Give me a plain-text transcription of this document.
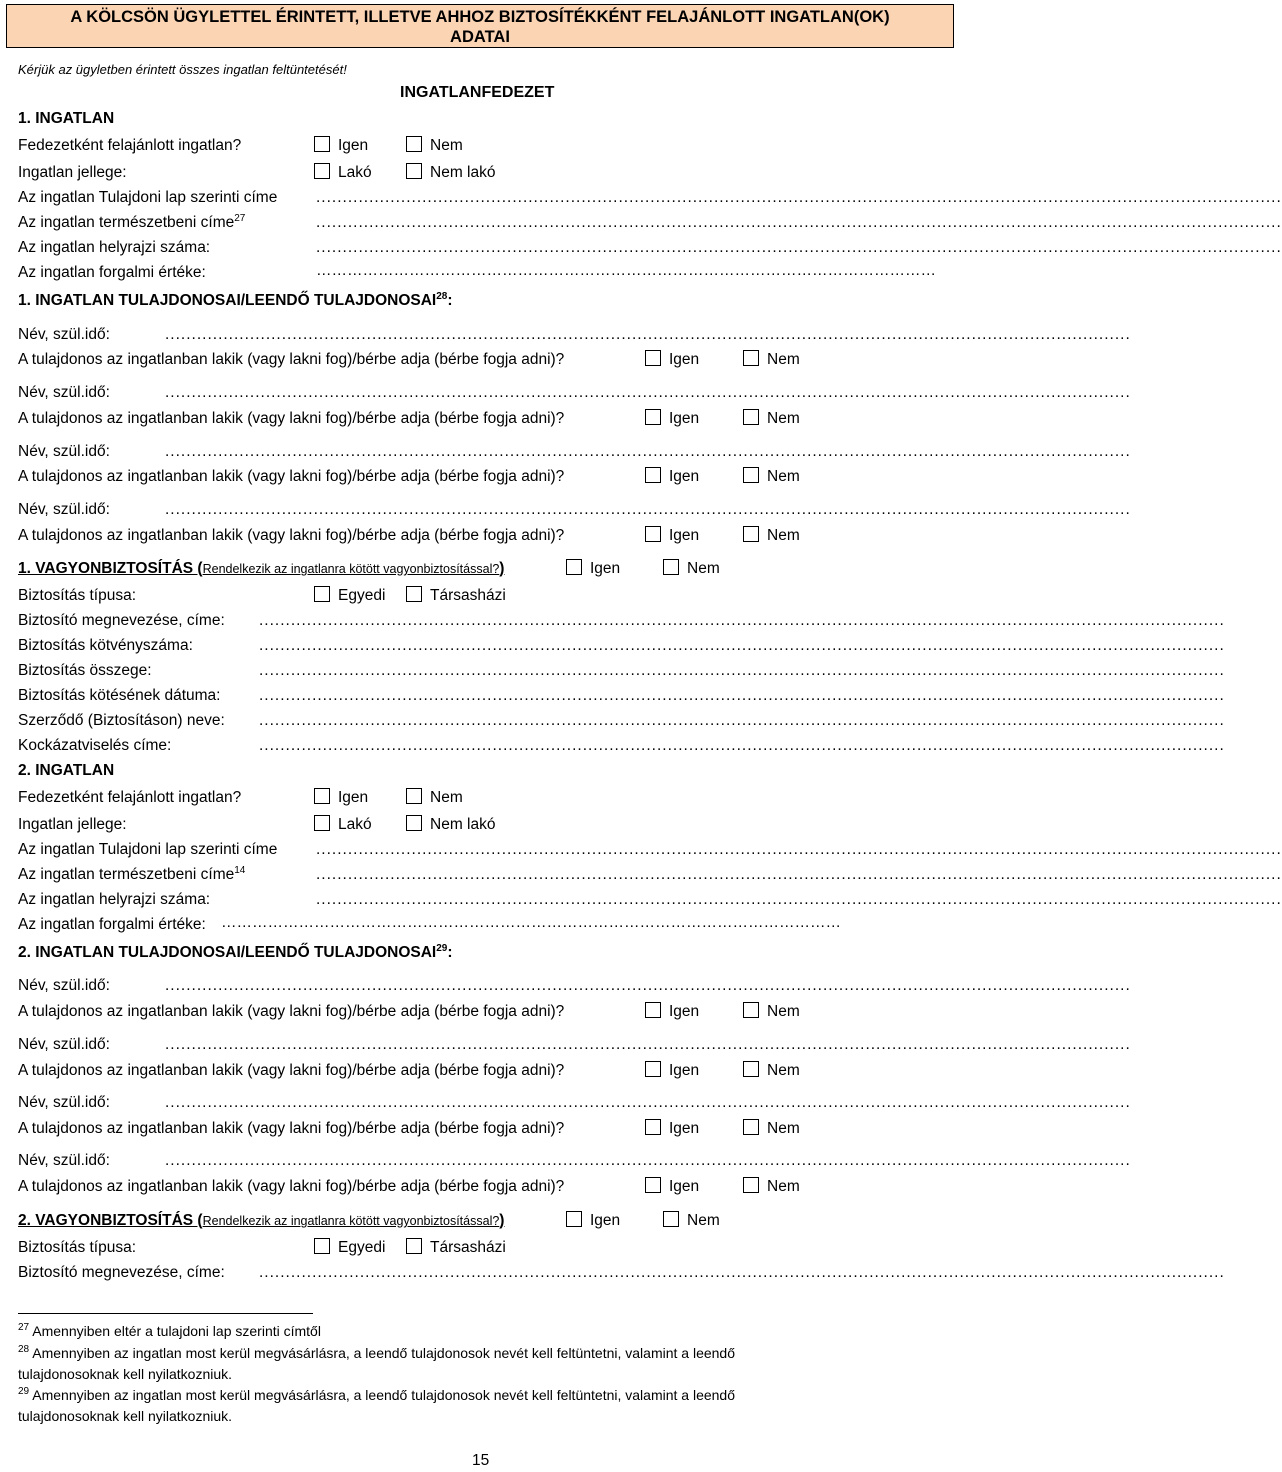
A KÖLCSÖN ÜGYLETTEL ÉRINTETT, ILLETVE AHHOZ BIZTOSÍTÉKKÉNT FELAJÁNLOTT INGATLAN(OK)
ADATAI
Kérjük az ügyletben érintett összes ingatlan feltüntetését!
INGATLANFEDEZET
1. INGATLAN
Fedezetként felajánlott ingatlan?	Igen	Nem
Ingatlan jellege:	Lakó	Nem lakó
Az ingatlan Tulajdoni lap szerinti címe ......................................................................................................................................................................................
Az ingatlan természetbeni címe$^{27}$	......................................................................................................................................................................................
Az ingatlan helyrajzi száma:	......................................................................................................................................................................................
Az ingatlan forgalmi értéke:	…………………………………………………………………………………………………………
1. INGATLAN TULAJDONOSAI/LEENDŐ TULAJDONOSAI$^{28}$:
Név, szül.idő:	......................................................................................................................................................................................
A tulajdonos az ingatlanban lakik (vagy lakni fog)/bérbe adja (bérbe fogja adni)?	Igen	Nem
Név, szül.idő:	......................................................................................................................................................................................
A tulajdonos az ingatlanban lakik (vagy lakni fog)/bérbe adja (bérbe fogja adni)?	Igen	Nem
Név, szül.idő:	......................................................................................................................................................................................
A tulajdonos az ingatlanban lakik (vagy lakni fog)/bérbe adja (bérbe fogja adni)?	Igen	Nem
Név, szül.idő:	......................................................................................................................................................................................
A tulajdonos az ingatlanban lakik (vagy lakni fog)/bérbe adja (bérbe fogja adni)?	Igen	Nem
1. VAGYONBIZTOSÍTÁS (Rendelkezik az ingatlanra kötött vagyonbiztosítással?)	Igen	Nem
Biztosítás típusa:	Egyedi	Társasházi
Biztosító megnevezése, címe: ......................................................................................................................................................................................
Biztosítás kötvényszáma:	......................................................................................................................................................................................
Biztosítás összege:	......................................................................................................................................................................................
Biztosítás kötésének dátuma: ......................................................................................................................................................................................
Szerződő (Biztosításon) neve: ......................................................................................................................................................................................
Kockázatviselés címe:	......................................................................................................................................................................................
2. INGATLAN
Fedezetként felajánlott ingatlan?	Igen	Nem
Ingatlan jellege:	Lakó	Nem lakó
Az ingatlan Tulajdoni lap szerinti címe ......................................................................................................................................................................................
Az ingatlan természetbeni címe$^{14}$	......................................................................................................................................................................................
Az ingatlan helyrajzi száma:	......................................................................................................................................................................................
Az ingatlan forgalmi értéke: …………………………………………………………………………………………………………
2. INGATLAN TULAJDONOSAI/LEENDŐ TULAJDONOSAI$^{29}$:
Név, szül.idő:	......................................................................................................................................................................................
A tulajdonos az ingatlanban lakik (vagy lakni fog)/bérbe adja (bérbe fogja adni)?	Igen	Nem
Név, szül.idő:	......................................................................................................................................................................................
A tulajdonos az ingatlanban lakik (vagy lakni fog)/bérbe adja (bérbe fogja adni)?	Igen	Nem
Név, szül.idő:	......................................................................................................................................................................................
A tulajdonos az ingatlanban lakik (vagy lakni fog)/bérbe adja (bérbe fogja adni)?	Igen	Nem
Név, szül.idő:	......................................................................................................................................................................................
A tulajdonos az ingatlanban lakik (vagy lakni fog)/bérbe adja (bérbe fogja adni)?	Igen	Nem
2. VAGYONBIZTOSÍTÁS (Rendelkezik az ingatlanra kötött vagyonbiztosítással?)	Igen	Nem
Biztosítás típusa:	Egyedi	Társasházi
Biztosító megnevezése, címe: ......................................................................................................................................................................................
$^{27}$ Amennyiben eltér a tulajdoni lap szerinti címtől
$^{28}$ Amennyiben az ingatlan most kerül megvásárlásra, a leendő tulajdonosok nevét kell feltüntetni, valamint a leendő
tulajdonosoknak kell nyilatkozniuk.
$^{29}$ Amennyiben az ingatlan most kerül megvásárlásra, a leendő tulajdonosok nevét kell feltüntetni, valamint a leendő
tulajdonosoknak kell nyilatkozniuk.
15
